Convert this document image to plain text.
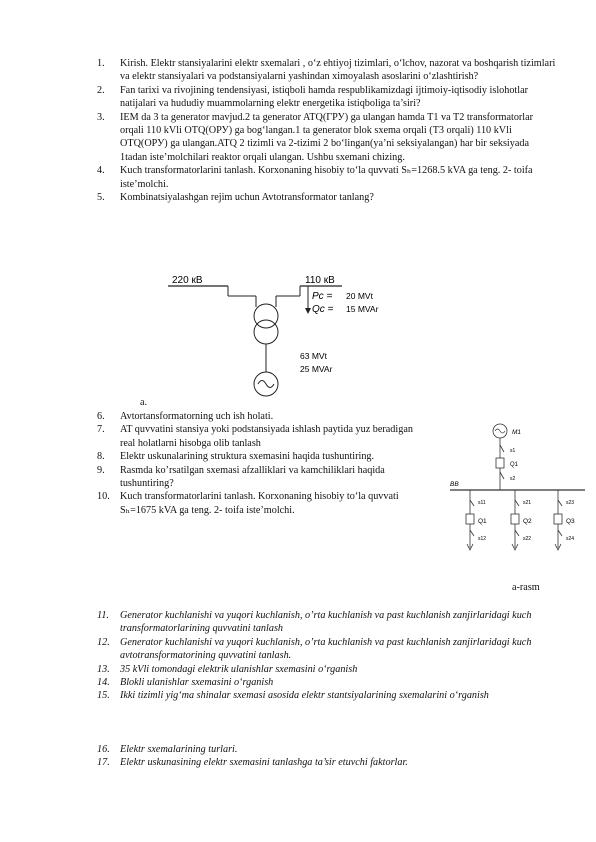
1. Kirish. Elektr stansiyalarini elektr sxemalari , oʻz ehtiyoj tizimlari, oʻlchov, nazorat va boshqarish tizimlari va elektr stansiyalari va podstansiyalarni yashindan ximoyalash asoslarini oʻzlashtirish?
2. Fan tarixi va rivojining tendensiyasi, istiqboli hamda respublikamizdagi ijtimoiy-iqtisodiy islohotlar natijalari va hududiy muammolarning elektr energetika istiqboliga ta’siri?
3. IEM da 3 ta generator mavjud.2 ta generator ATQ(ГРУ) ga ulangan hamda T1 va T2 transformatorlar orqali 110 kVli OTQ(ОРУ) ga bogʻlangan.1 ta generator blok sxema orqali (T3 orqali) 110 kVli OTQ(ОРУ) ga ulangan.ATQ 2 tizimli va 2-tizimi 2 boʻlingan(ya’ni seksiyalangan) har bir seksiyada 1tadan iste’molchilari reaktor orqali ulangan. Ushbu sxemani chizing.
4. Kuch transformatorlarini tanlash. Korxonaning hisobiy toʻla quvvati Sₕ=1268.5 kVA ga teng. 2- toifa iste’molchi.
5. Kombinatsiyalashgan rejim uchun Avtotransformator tanlang?
220 кВ	110 кВ
Pc =
Qc =
20 MVt
15 MVAr
63 MVt
25 MVAr
a.
6. Avtortansformatorning uch ish holati.
7. AT quvvatini stansiya yoki podstansiyada ishlash paytida yuz beradigan real holatlarni hisobga olib tanlash
8. Elektr uskunalarining struktura sxemasini haqida tushuntiring.
9. Rasmda ko’rsatilgan sxemasi afzalliklari va kamchiliklari haqida tushuntiring?
10. Kuch transformatorlarini tanlash. Korxonaning hisobiy toʻla quvvati Sₕ=1675 kVA ga teng. 2- toifa iste’molchi.
M1
s1
Q1
s2
BB
s11
Q1
s12
s21
Q2
s22
s23
Q3
s24
a-rasm
11. Generator kuchlanishi va yuqori kuchlanish, o’rta kuchlanish va past kuchlanish zanjirlaridagi kuch transformatorlarining quvvatini tanlash
12. Generator kuchlanishi va yuqori kuchlanish, o’rta kuchlanish va past kuchlanish zanjirlaridagi kuch avtotransformatorining quvvatini tanlash.
13. 35 kVli tomondagi elektrik ulanishlar sxemasini oʻrganish
14. Blokli ulanishlar sxemasini oʻrganish
15. Ikki tizimli yigʻma shinalar sxemasi asosida elektr stantsiyalarining sxemalarini oʻrganish
16. Elektr sxemalarining turlari.
17. Elektr uskunasining elektr sxemasini tanlashga ta’sir etuvchi faktorlar.
